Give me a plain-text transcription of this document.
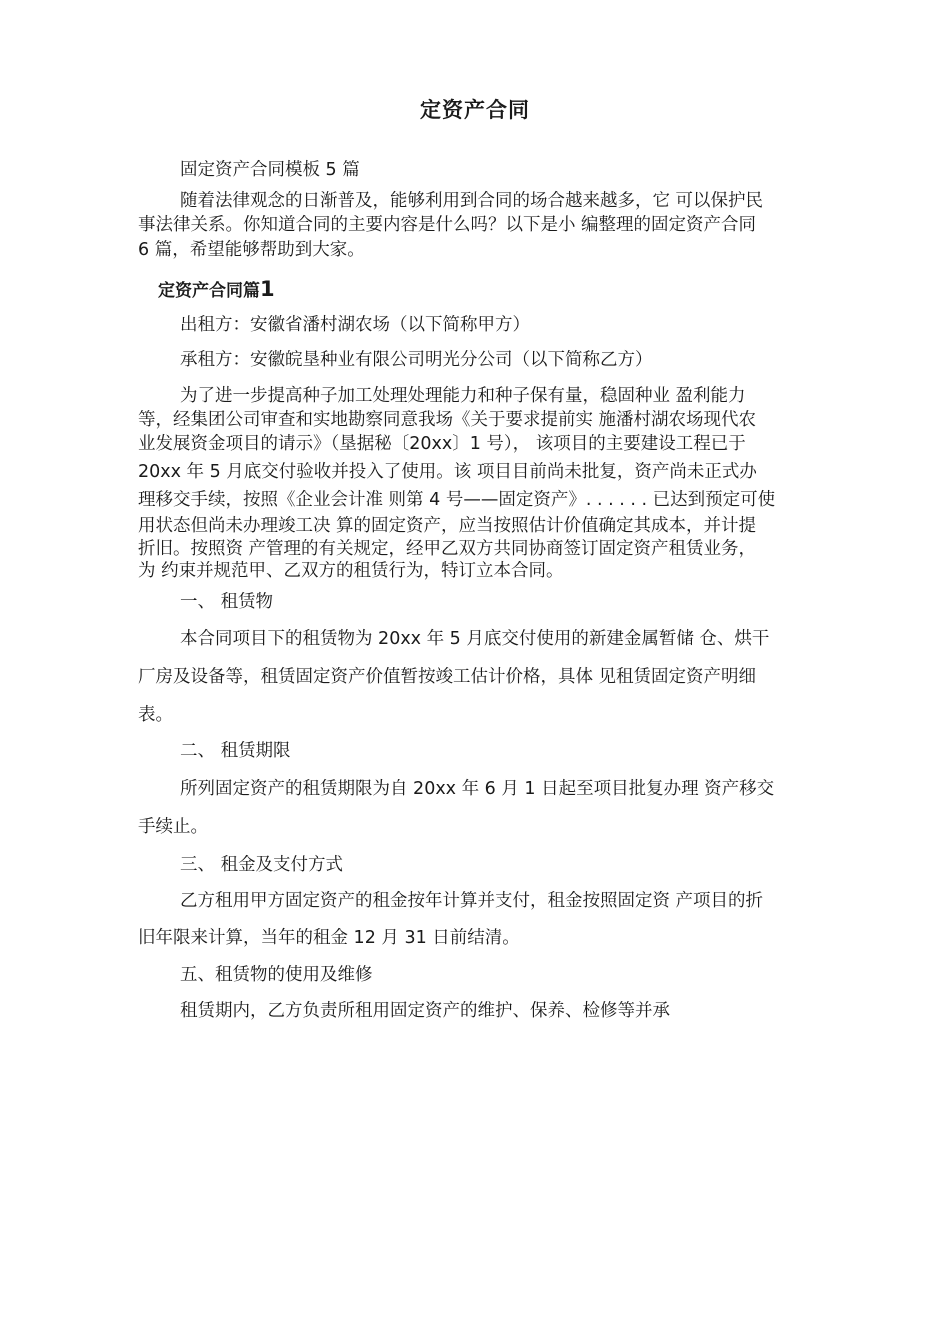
定资产合同
固定资产合同模板 5 篇
随着法律观念的日渐普及，能够利用到合同的场合越来越多，它 可以保护民
事法律关系。你知道合同的主要内容是什么吗？以下是小 编整理的固定资产合同
6 篇，希望能够帮助到大家。
定资产合同篇1
出租方：安徽省潘村湖农场（以下简称甲方）
承租方：安徽皖垦种业有限公司明光分公司（以下简称乙方）
为了进一步提高种子加工处理处理能力和种子保有量，稳固种业 盈利能力
等，经集团公司审查和实地勘察同意我场《关于要求提前实 施潘村湖农场现代农
业发展资金项目的请示》（垦据秘〔20xx〕1 号）， 该项目的主要建设工程已于
20xx 年 5 月底交付验收并投入了使用。该 项目目前尚未批复，资产尚未正式办
理移交手续，按照《企业会计准 则第 4 号——固定资产》. . . . . . 已达到预定可使
用状态但尚未办理竣工决 算的固定资产，应当按照估计价值确定其成本，并计提
折旧。按照资 产管理的有关规定，经甲乙双方共同协商签订固定资产租赁业务，
为 约束并规范甲、乙双方的租赁行为，特订立本合同。
一、 租赁物
本合同项目下的租赁物为 20xx 年 5 月底交付使用的新建金属暂储 仓、烘干
厂房及设备等，租赁固定资产价值暂按竣工估计价格，具体 见租赁固定资产明细
表。
二、 租赁期限
所列固定资产的租赁期限为自 20xx 年 6 月 1 日起至项目批复办理 资产移交
手续止。
三、 租金及支付方式
乙方租用甲方固定资产的租金按年计算并支付，租金按照固定资 产项目的折
旧年限来计算，当年的租金 12 月 31 日前结清。
五、租赁物的使用及维修
租赁期内，乙方负责所租用固定资产的维护、保养、检修等并承
